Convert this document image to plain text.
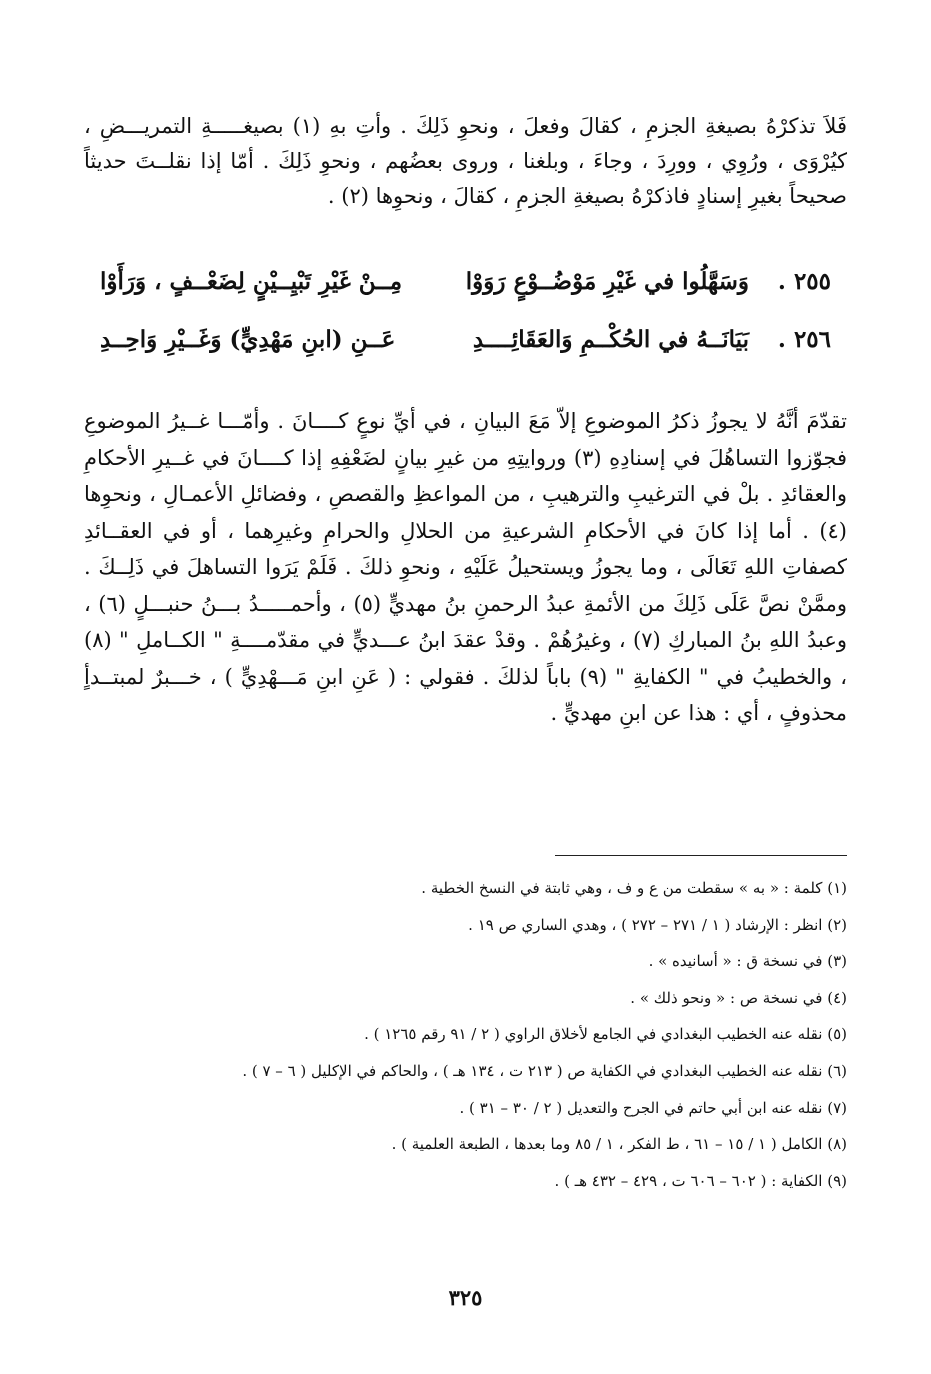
فَلاَ تذكرْهُ بصيغةِ الجزمِ ، كقالَ وفعلَ ، ونحوِ ذَلِكَ . وأتِ بهِ (١) بصيغـــــةِ التمريـــضِ ، كيُرْوَى ، ورُوِي ، وورِدَ ، وجاءَ ، وبلغنا ، وروى بعضُهم ، ونحوِ ذَلِكَ . أمّا إذا نقلــتَ حديثاً صحيحاً بغيرِ إسنادٍ فاذكرْهُ بصيغةِ الجزمِ ، كقالَ ، ونحوِها (٢) .

٢٥٥ .
وَسَهَّلُوا في غَيْرِ مَوْضُــوْعٍ رَوَوْا
مِــنْ غَيْرِ تَبْيِــيْنٍ لِضَعْــفٍ ، وَرَأَوْا
٢٥٦ .
بَيَانَــهُ في الحُكْــمِ وَالعَقَائِــــدِ
عَــنِ (ابنِ مَهْدِيٍّ) وَغَــيْرِ وَاحِــدِ

تقدّمَ أنَّهُ لا يجوزُ ذكرُ الموضوعِ إلاّ مَعَ البيانِ ، في أيِّ نوعٍ كــــانَ . وأمّـــا غــيرُ الموضوعِ فجوّزوا التساهُلَ في إسنادِهِ (٣) وروايتِهِ من غيرِ بيانٍ لضَعْفِهِ إذا كــــانَ في غــيرِ الأحكامِ والعقائدِ . بلْ في الترغيبِ والترهيبِ ، من المواعظِ والقصصِ ، وفضائلِ الأعمـالِ ، ونحوِها (٤) . أما إذا كانَ في الأحكامِ الشرعيةِ من الحلالِ والحرامِ وغيرِهما ، أو في العقــائدِ كصفاتِ اللهِ تَعَالَى ، وما يجوزُ ويستحيلُ عَلَيْهِ ، ونحوِ ذلكَ . فَلَمْ يَرَوا التساهلَ في ذَلِــكَ . وممَّنْ نصَّ عَلَى ذَلِكَ من الأئمةِ عبدُ الرحمنِ بنُ مهديٍّ (٥) ، وأحمـــــدُ بـــنُ حنبـــلٍ (٦) ، وعبدُ اللهِ بنُ المباركِ (٧) ، وغيرُهُمْ . وقدْ عقدَ ابنُ عـــديٍّ في مقدّمــــةِ " الكــاملِ " (٨) ، والخطيبُ في " الكفايةِ " (٩) باباً لذلكَ . فقولي : ( عَنِ ابنِ مَـــهْدِيٍّ ) ، خـــبرٌ لمبتــدأٍ محذوفٍ ، أي : هذا عن ابنِ مهديٍّ .

(١) كلمة : « به » سقطت من ع و ف ، وهي ثابتة في النسخ الخطية .
(٢) انظر : الإرشاد ( ١ / ٢٧١ – ٢٧٢ ) ، وهدي الساري ص ١٩ .
(٣) في نسخة ق : « أسانيده » .
(٤) في نسخة ص : « ونحو ذلك » .
(٥) نقله عنه الخطيب البغدادي في الجامع لأخلاق الراوي ( ٢ / ٩١ رقم ١٢٦٥ ) .
(٦) نقله عنه الخطيب البغدادي في الكفاية ص ( ٢١٣ ت ، ١٣٤ هـ ) ، والحاكم في الإكليل ( ٦ – ٧ ) .
(٧) نقله عنه ابن أبي حاتم في الجرح والتعديل ( ٢ / ٣٠ – ٣١ ) .
(٨) الكامل ( ١ / ١٥ – ٦١ ، ط الفكر ، ١ / ٨٥ وما بعدها ، الطبعة العلمية ) .
(٩) الكفاية : ( ٦٠٢ – ٦٠٦ ت ، ٤٢٩ – ٤٣٢ هـ ) .
٣٢٥
